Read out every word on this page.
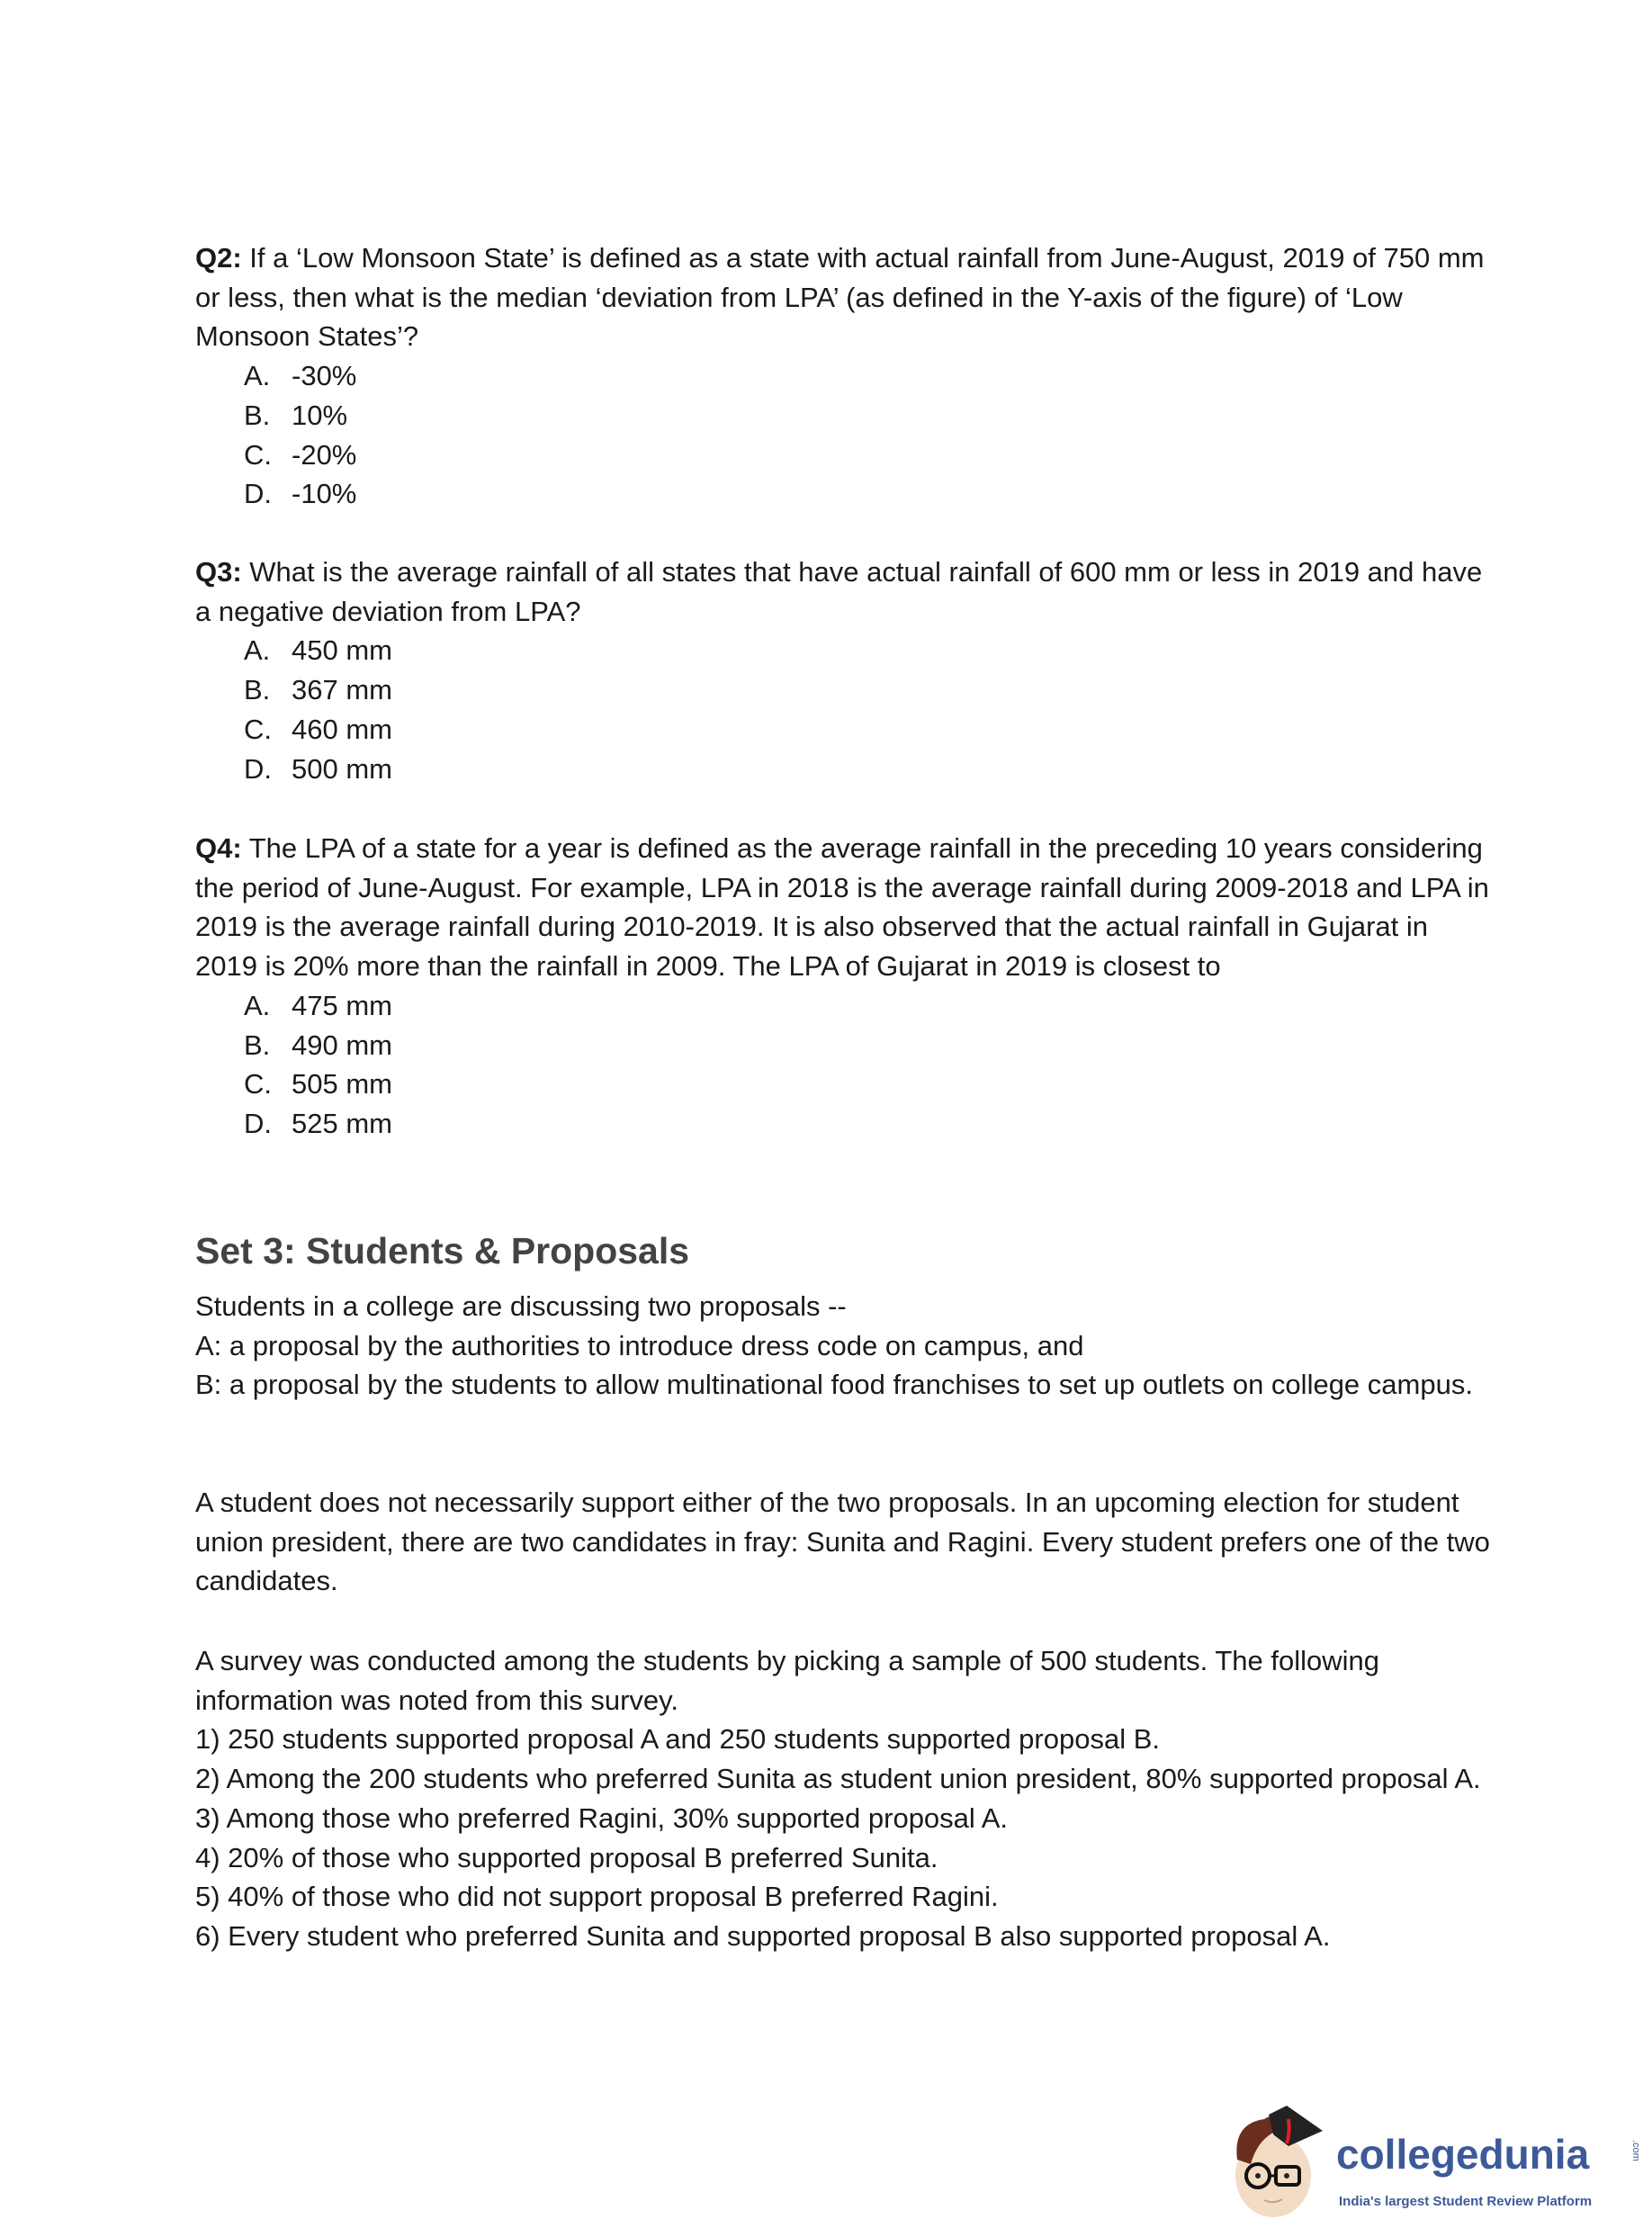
Q2: If a ‘Low Monsoon State’ is defined as a state with actual rainfall from June-August, 2019 of 750 mm or less, then what is the median ‘deviation from LPA’ (as defined in the Y-axis of the figure) of ‘Low Monsoon States’?

A. -30%
B. 10%
C. -20%
D. -10%

Q3: What is the average rainfall of all states that have actual rainfall of 600 mm or less in 2019 and have a negative deviation from LPA?

A. 450 mm
B. 367 mm
C. 460 mm
D. 500 mm

Q4: The LPA of a state for a year is defined as the average rainfall in the preceding 10 years considering the period of June-August. For example, LPA in 2018 is the average rainfall during 2009-2018 and LPA in 2019 is the average rainfall during 2010-2019. It is also observed that the actual rainfall in Gujarat in 2019 is 20% more than the rainfall in 2009. The LPA of Gujarat in 2019 is closest to

A. 475 mm
B. 490 mm
C. 505 mm
D. 525 mm
Set 3: Students & Proposals

Students in a college are discussing two proposals --

A: a proposal by the authorities to introduce dress code on campus, and

B: a proposal by the students to allow multinational food franchises to set up outlets on college campus.

A student does not necessarily support either of the two proposals. In an upcoming election for student union president, there are two candidates in fray: Sunita and Ragini. Every student prefers one of the two candidates.

A survey was conducted among the students by picking a sample of 500 students. The following information was noted from this survey.

1) 250 students supported proposal A and 250 students supported proposal B.

2) Among the 200 students who preferred Sunita as student union president, 80% supported proposal A.

3) Among those who preferred Ragini, 30% supported proposal A.

4) 20% of those who supported proposal B preferred Sunita.

5) 40% of those who did not support proposal B preferred Ragini.

6) Every student who preferred Sunita and supported proposal B also supported proposal A.

collegedunia	.com
India's largest Student Review Platform
